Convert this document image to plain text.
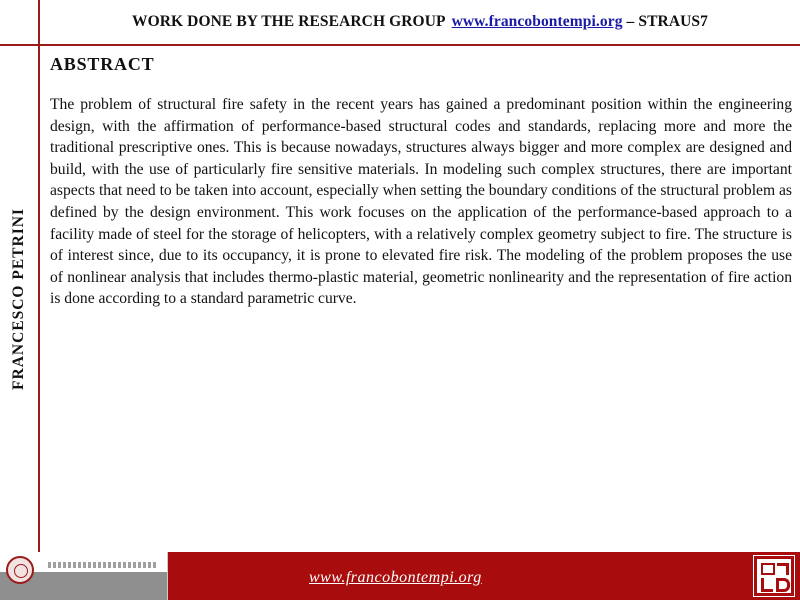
WORK DONE BY THE RESEARCH GROUP www.francobontempi.org – STRAUS7
FRANCESCO PETRINI
ABSTRACT

The problem of structural fire safety in the recent years has gained a predominant position within the engineering design, with the affirmation of performance-based structural codes and standards, replacing more and more the traditional prescriptive ones. This is because nowadays, structures always bigger and more complex are designed and build, with the use of particularly fire sensitive materials. In modeling such complex structures, there are important aspects that need to be taken into account, especially when setting the boundary conditions of the structural problem as defined by the design environment. This work focuses on the application of the performance-based approach to a facility made of steel for the storage of helicopters, with a relatively complex geometry subject to fire. The structure is of interest since, due to its occupancy, it is prone to elevated fire risk. The modeling of the problem proposes the use of nonlinear analysis that includes thermo-plastic material, geometric nonlinearity and the representation of fire action is done according to a standard parametric curve.

www.francobontempi.org
